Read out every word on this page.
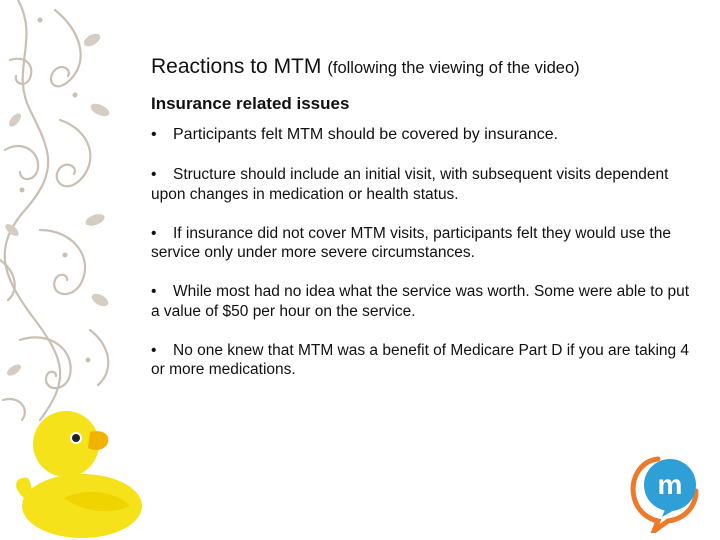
m
Reactions to MTM (following the viewing of the video)
Insurance related issues
• Participants felt MTM should be covered by insurance.
• Structure should include an initial visit, with subsequent visits dependent upon changes in medication or health status.
• If insurance did not cover MTM visits, participants felt they would use the service only under more severe circumstances.
• While most had no idea what the service was worth. Some were able to put a value of $50 per hour on the service.
• No one knew that MTM was a benefit of Medicare Part D if you are taking 4 or more medications.
